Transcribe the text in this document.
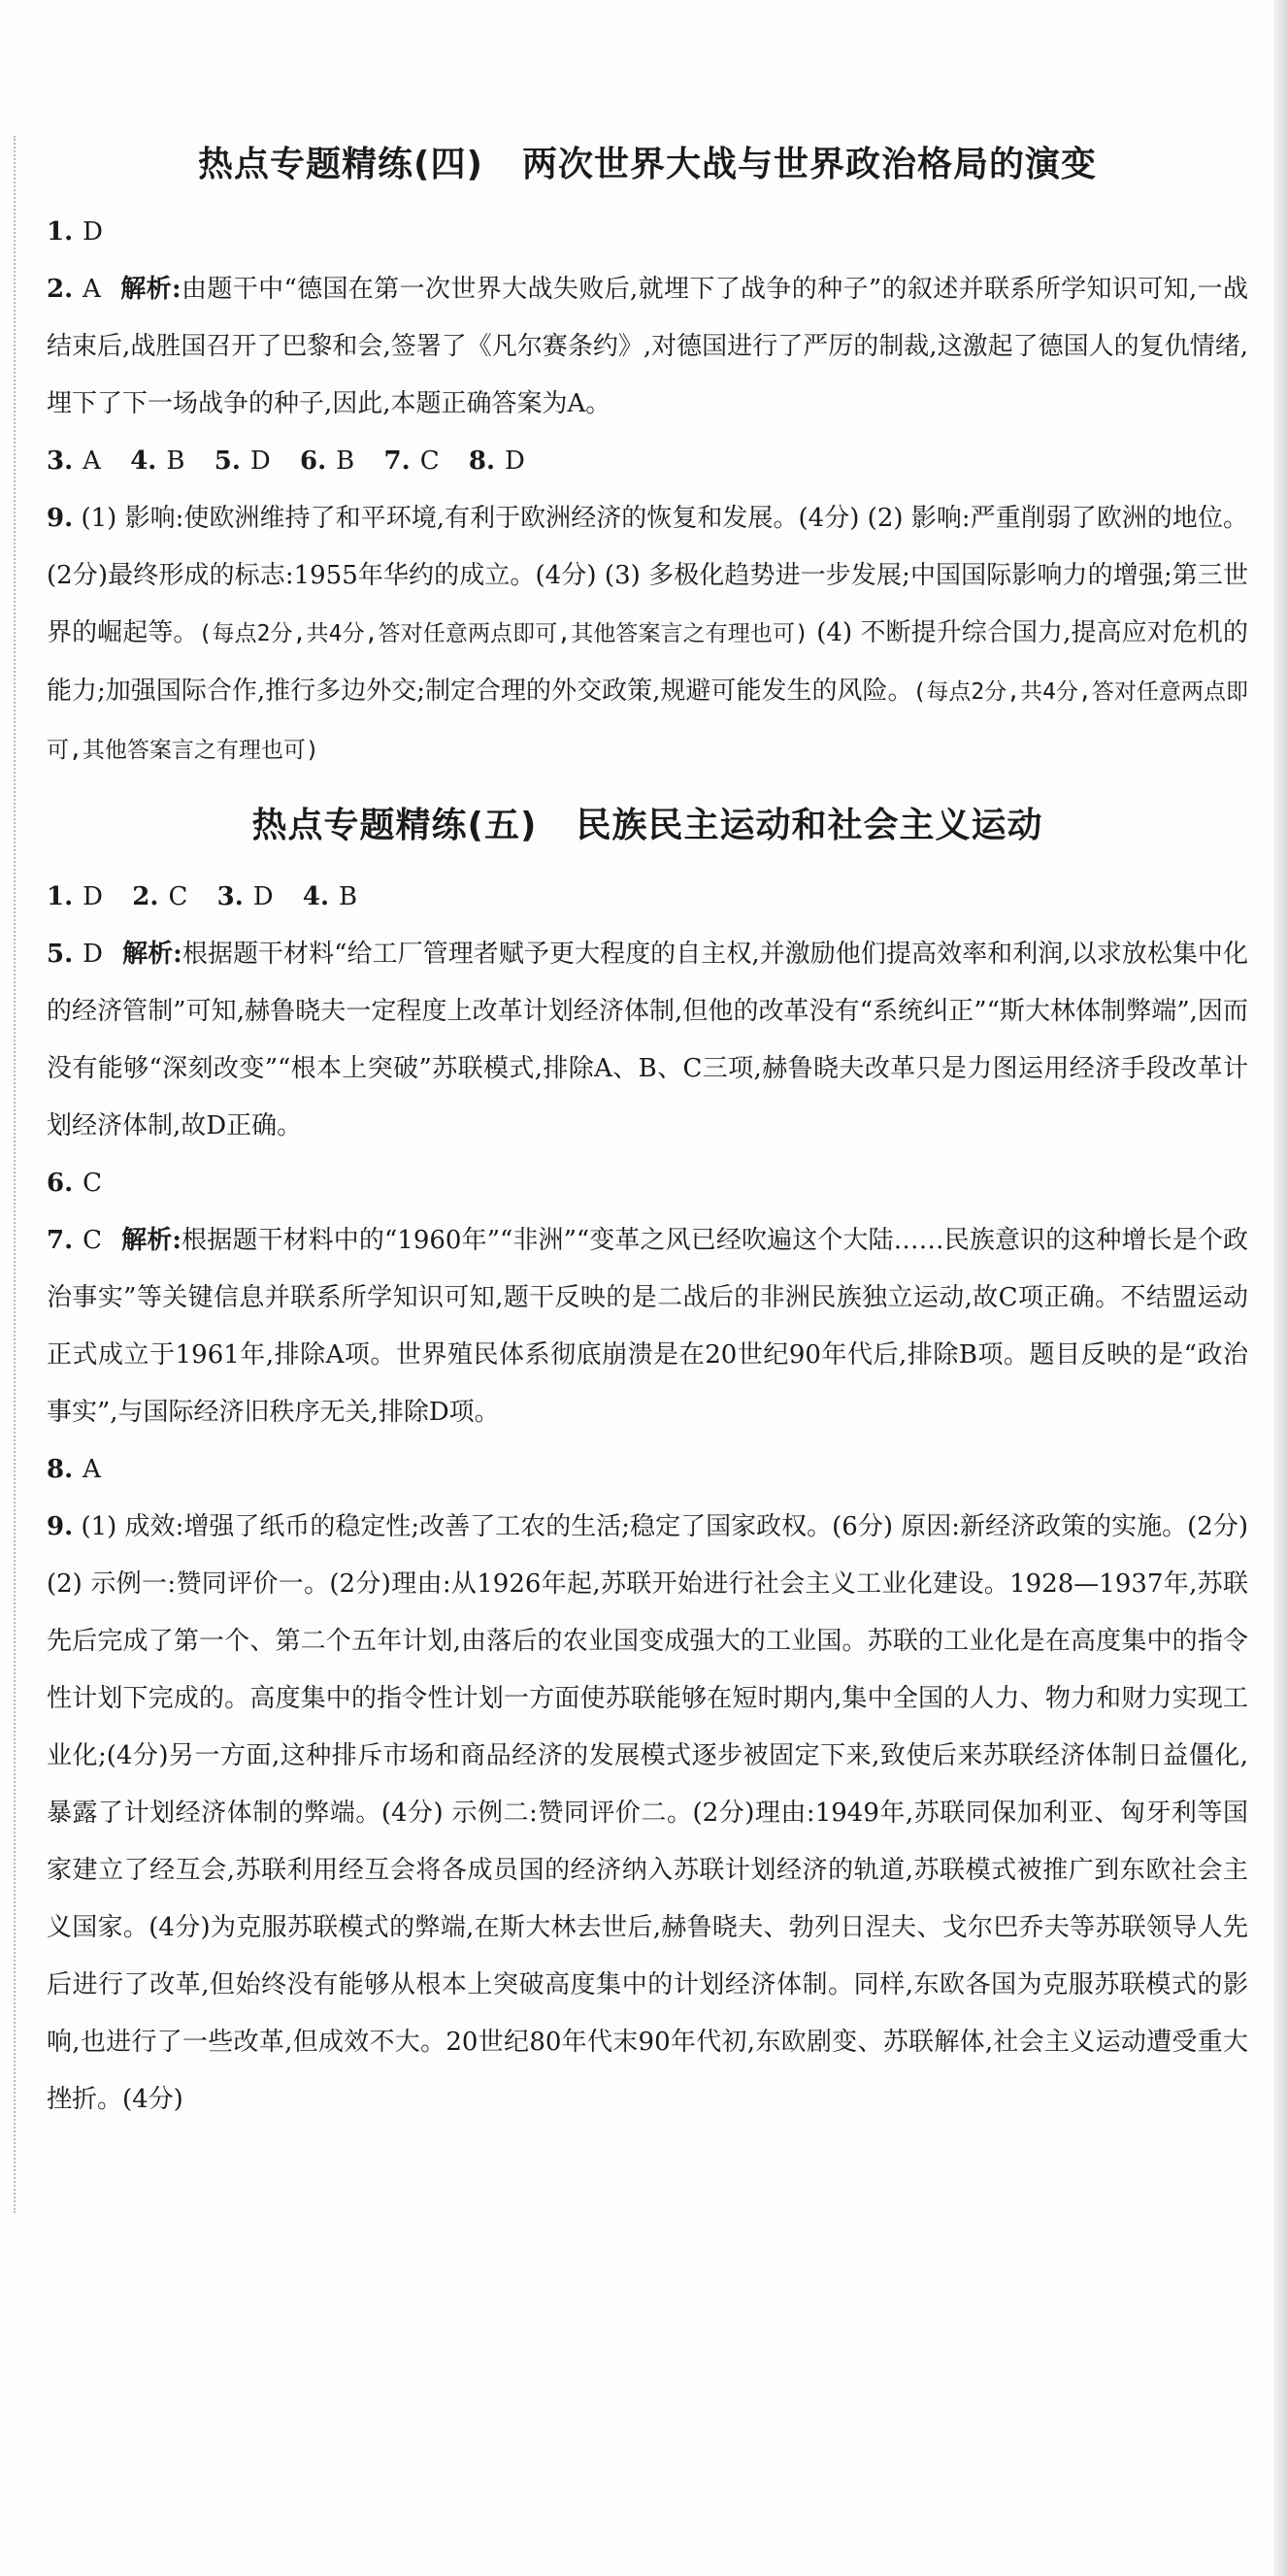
热点专题精练(四) 两次世界大战与世界政治格局的演变

1. D

2. A 解析:由题干中“德国在第一次世界大战失败后,就埋下了战争的种子”的叙述并联系所学知识可知,一战结束后,战胜国召开了巴黎和会,签署了《凡尔赛条约》,对德国进行了严厉的制裁,这激起了德国人的复仇情绪,埋下了下一场战争的种子,因此,本题正确答案为A。

3. A 4. B 5. D 6. B 7. C 8. D

9. (1) 影响:使欧洲维持了和平环境,有利于欧洲经济的恢复和发展。(4分) (2) 影响:严重削弱了欧洲的地位。(2分)最终形成的标志:1955年华约的成立。(4分) (3) 多极化趋势进一步发展;中国国际影响力的增强;第三世界的崛起等。(每点2分,共4分,答对任意两点即可,其他答案言之有理也可) (4) 不断提升综合国力,提高应对危机的能力;加强国际合作,推行多边外交;制定合理的外交政策,规避可能发生的风险。(每点2分,共4分,答对任意两点即可,其他答案言之有理也可)

热点专题精练(五) 民族民主运动和社会主义运动

1. D 2. C 3. D 4. B

5. D 解析:根据题干材料“给工厂管理者赋予更大程度的自主权,并激励他们提高效率和利润,以求放松集中化的经济管制”可知,赫鲁晓夫一定程度上改革计划经济体制,但他的改革没有“系统纠正”“斯大林体制弊端”,因而没有能够“深刻改变”“根本上突破”苏联模式,排除A、B、C三项,赫鲁晓夫改革只是力图运用经济手段改革计划经济体制,故D正确。

6. C

7. C 解析:根据题干材料中的“1960年”“非洲”“变革之风已经吹遍这个大陆……民族意识的这种增长是个政治事实”等关键信息并联系所学知识可知,题干反映的是二战后的非洲民族独立运动,故C项正确。不结盟运动正式成立于1961年,排除A项。世界殖民体系彻底崩溃是在20世纪90年代后,排除B项。题目反映的是“政治事实”,与国际经济旧秩序无关,排除D项。

8. A

9. (1) 成效:增强了纸币的稳定性;改善了工农的生活;稳定了国家政权。(6分) 原因:新经济政策的实施。(2分) (2) 示例一:赞同评价一。(2分)理由:从1926年起,苏联开始进行社会主义工业化建设。1928—1937年,苏联先后完成了第一个、第二个五年计划,由落后的农业国变成强大的工业国。苏联的工业化是在高度集中的指令性计划下完成的。高度集中的指令性计划一方面使苏联能够在短时期内,集中全国的人力、物力和财力实现工业化;(4分)另一方面,这种排斥市场和商品经济的发展模式逐步被固定下来,致使后来苏联经济体制日益僵化,暴露了计划经济体制的弊端。(4分) 示例二:赞同评价二。(2分)理由:1949年,苏联同保加利亚、匈牙利等国家建立了经互会,苏联利用经互会将各成员国的经济纳入苏联计划经济的轨道,苏联模式被推广到东欧社会主义国家。(4分)为克服苏联模式的弊端,在斯大林去世后,赫鲁晓夫、勃列日涅夫、戈尔巴乔夫等苏联领导人先后进行了改革,但始终没有能够从根本上突破高度集中的计划经济体制。同样,东欧各国为克服苏联模式的影响,也进行了一些改革,但成效不大。20世纪80年代末90年代初,东欧剧变、苏联解体,社会主义运动遭受重大挫折。(4分)
